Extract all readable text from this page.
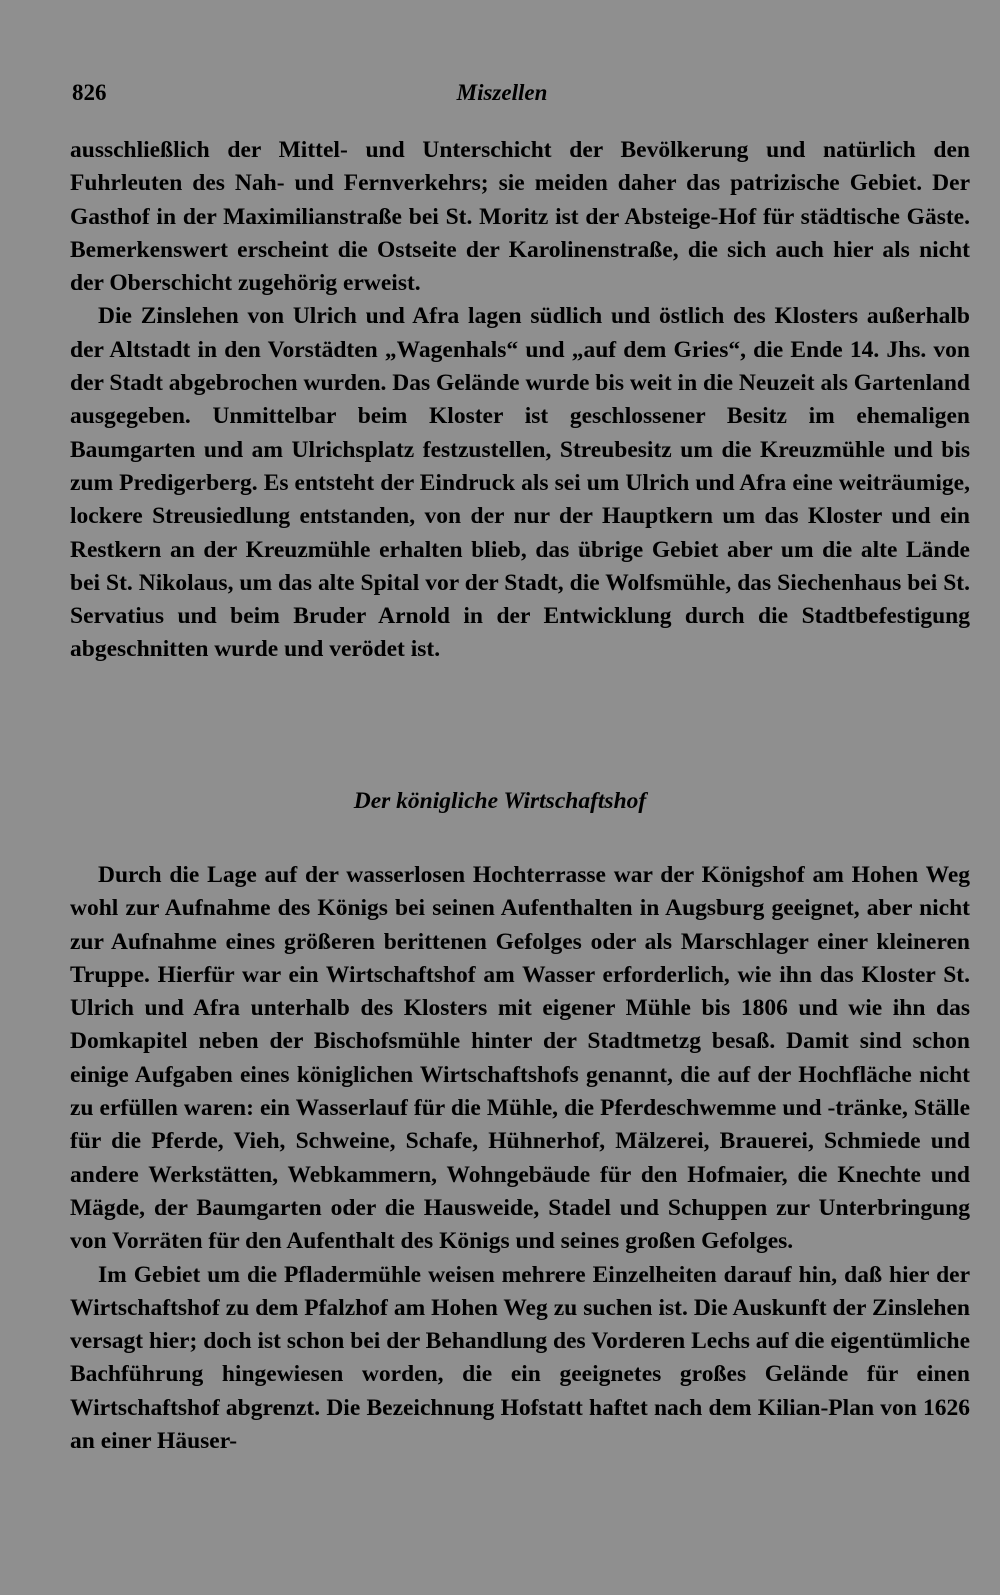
826	Miszellen

ausschließlich der Mittel- und Unterschicht der Bevölkerung und natürlich den Fuhrleuten des Nah- und Fernverkehrs; sie meiden daher das patrizische Gebiet. Der Gasthof in der Maximilianstraße bei St. Moritz ist der Absteige-Hof für städtische Gäste. Bemerkenswert erscheint die Ostseite der Karolinenstraße, die sich auch hier als nicht der Oberschicht zugehörig erweist.

Die Zinslehen von Ulrich und Afra lagen südlich und östlich des Klosters außerhalb der Altstadt in den Vorstädten „Wagenhals“ und „auf dem Gries“, die Ende 14. Jhs. von der Stadt abgebrochen wurden. Das Gelände wurde bis weit in die Neuzeit als Gartenland ausgegeben. Unmittelbar beim Kloster ist geschlossener Besitz im ehemaligen Baumgarten und am Ulrichsplatz festzustellen, Streubesitz um die Kreuzmühle und bis zum Predigerberg. Es entsteht der Eindruck als sei um Ulrich und Afra eine weiträumige, lockere Streusiedlung entstanden, von der nur der Hauptkern um das Kloster und ein Restkern an der Kreuzmühle erhalten blieb, das übrige Gebiet aber um die alte Lände bei St. Nikolaus, um das alte Spital vor der Stadt, die Wolfsmühle, das Siechenhaus bei St. Servatius und beim Bruder Arnold in der Entwicklung durch die Stadtbefestigung abgeschnitten wurde und verödet ist.

Der königliche Wirtschaftshof

Durch die Lage auf der wasserlosen Hochterrasse war der Königshof am Hohen Weg wohl zur Aufnahme des Königs bei seinen Aufenthalten in Augsburg geeignet, aber nicht zur Aufnahme eines größeren berittenen Gefolges oder als Marschlager einer kleineren Truppe. Hierfür war ein Wirtschaftshof am Wasser erforderlich, wie ihn das Kloster St. Ulrich und Afra unterhalb des Klosters mit eigener Mühle bis 1806 und wie ihn das Domkapitel neben der Bischofsmühle hinter der Stadtmetzg besaß. Damit sind schon einige Aufgaben eines königlichen Wirtschaftshofs genannt, die auf der Hochfläche nicht zu erfüllen waren: ein Wasserlauf für die Mühle, die Pferdeschwemme und -tränke, Ställe für die Pferde, Vieh, Schweine, Schafe, Hühnerhof, Mälzerei, Brauerei, Schmiede und andere Werkstätten, Webkammern, Wohngebäude für den Hofmaier, die Knechte und Mägde, der Baumgarten oder die Hausweide, Stadel und Schuppen zur Unterbringung von Vorräten für den Aufenthalt des Königs und seines großen Gefolges.

Im Gebiet um die Pfladermühle weisen mehrere Einzelheiten darauf hin, daß hier der Wirtschaftshof zu dem Pfalzhof am Hohen Weg zu suchen ist. Die Auskunft der Zinslehen versagt hier; doch ist schon bei der Behandlung des Vorderen Lechs auf die eigentümliche Bachführung hingewiesen worden, die ein geeignetes großes Gelände für einen Wirtschaftshof abgrenzt. Die Bezeichnung Hofstatt haftet nach dem Kilian-Plan von 1626 an einer Häuser-
